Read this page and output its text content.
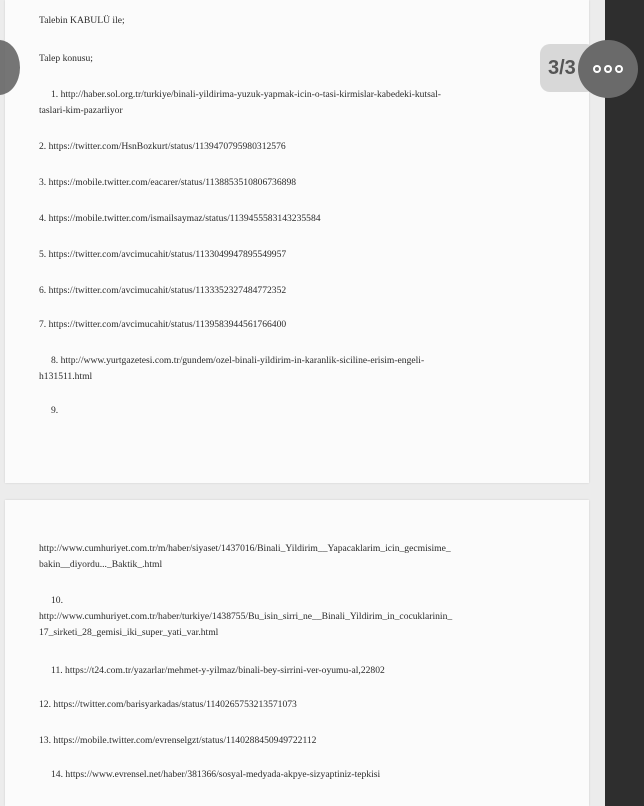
Talebin KABULÜ ile;
Talep konusu;
1. http://haber.sol.org.tr/turkiye/binali-yildirima-yuzuk-yapmak-icin-o-tasi-kirmislar-kabedeki-kutsal-
taslari-kim-pazarliyor
2. https://twitter.com/HsnBozkurt/status/1139470795980312576
3. https://mobile.twitter.com/eacarer/status/1138853510806736898
4. https://mobile.twitter.com/ismailsaymaz/status/1139455583143235584
5. https://twitter.com/avcimucahit/status/1133049947895549957
6. https://twitter.com/avcimucahit/status/1133352327484772352
7. https://twitter.com/avcimucahit/status/1139583944561766400
8. http://www.yurtgazetesi.com.tr/gundem/ozel-binali-yildirim-in-karanlik-siciline-erisim-engeli-
h131511.html
9.
http://www.cumhuriyet.com.tr/m/haber/siyaset/1437016/Binali_Yildirim__Yapacaklarim_icin_gecmisime_
bakin__diyordu..._Baktik_.html
10.
http://www.cumhuriyet.com.tr/haber/turkiye/1438755/Bu_isin_sirri_ne__Binali_Yildirim_in_cocuklarinin_
17_sirketi_28_gemisi_iki_super_yati_var.html
11. https://t24.com.tr/yazarlar/mehmet-y-yilmaz/binali-bey-sirrini-ver-oyumu-al,22802
12. https://twitter.com/barisyarkadas/status/1140265753213571073
13. https://mobile.twitter.com/evrenselgzt/status/1140288450949722112
14. https://www.evrensel.net/haber/381366/sosyal-medyada-akpye-sizyaptiniz-tepkisi
3/3
